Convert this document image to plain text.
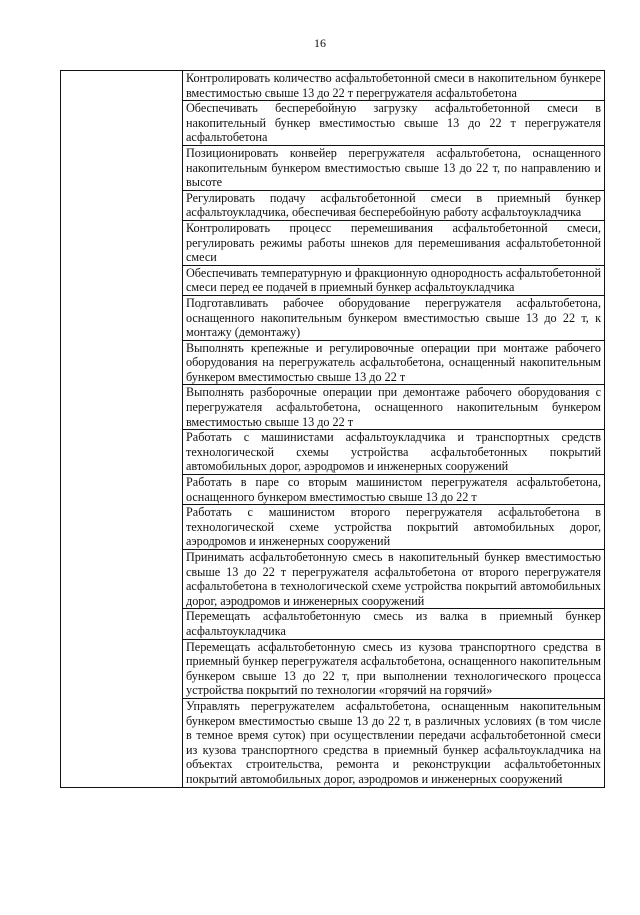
16
	Контролировать количество асфальтобетонной смеси в накопительном бункере вместимостью свыше 13 до 22 т перегружателя асфальтобетона
Обеспечивать бесперебойную загрузку асфальтобетонной смеси в накопительный бункер вместимостью свыше 13 до 22 т перегружателя асфальтобетона
Позиционировать конвейер перегружателя асфальтобетона, оснащенного накопительным бункером вместимостью свыше 13 до 22 т, по направлению и высоте
Регулировать подачу асфальтобетонной смеси в приемный бункер асфальтоукладчика, обеспечивая бесперебойную работу асфальтоукладчика
Контролировать процесс перемешивания асфальтобетонной смеси, регулировать режимы работы шнеков для перемешивания асфальтобетонной смеси
Обеспечивать температурную и фракционную однородность асфальтобетонной смеси перед ее подачей в приемный бункер асфальтоукладчика
Подготавливать рабочее оборудование перегружателя асфальтобетона, оснащенного накопительным бункером вместимостью свыше 13 до 22 т, к монтажу (демонтажу)
Выполнять крепежные и регулировочные операции при монтаже рабочего оборудования на перегружатель асфальтобетона, оснащенный накопительным бункером вместимостью свыше 13 до 22 т
Выполнять разборочные операции при демонтаже рабочего оборудования с перегружателя асфальтобетона, оснащенного накопительным бункером вместимостью свыше 13 до 22 т
Работать с машинистами асфальтоукладчика и транспортных средств технологической схемы устройства асфальтобетонных покрытий автомобильных дорог, аэродромов и инженерных сооружений
Работать в паре со вторым машинистом перегружателя асфальтобетона, оснащенного бункером вместимостью свыше 13 до 22 т
Работать с машинистом второго перегружателя асфальтобетона в технологической схеме устройства покрытий автомобильных дорог, аэродромов и инженерных сооружений
Принимать асфальтобетонную смесь в накопительный бункер вместимостью свыше 13 до 22 т перегружателя асфальтобетона от второго перегружателя асфальтобетона в технологической схеме устройства покрытий автомобильных дорог, аэродромов и инженерных сооружений
Перемещать асфальтобетонную смесь из валка в приемный бункер асфальтоукладчика
Перемещать асфальтобетонную смесь из кузова транспортного средства в приемный бункер перегружателя асфальтобетона, оснащенного накопительным бункером свыше 13 до 22 т, при выполнении технологического процесса устройства покрытий по технологии «горячий на горячий»
Управлять перегружателем асфальтобетона, оснащенным накопительным бункером вместимостью свыше 13 до 22 т, в различных условиях (в том числе в темное время суток) при осуществлении передачи асфальтобетонной смеси из кузова транспортного средства в приемный бункер асфальтоукладчика на объектах строительства, ремонта и реконструкции асфальтобетонных покрытий автомобильных дорог, аэродромов и инженерных сооружений
